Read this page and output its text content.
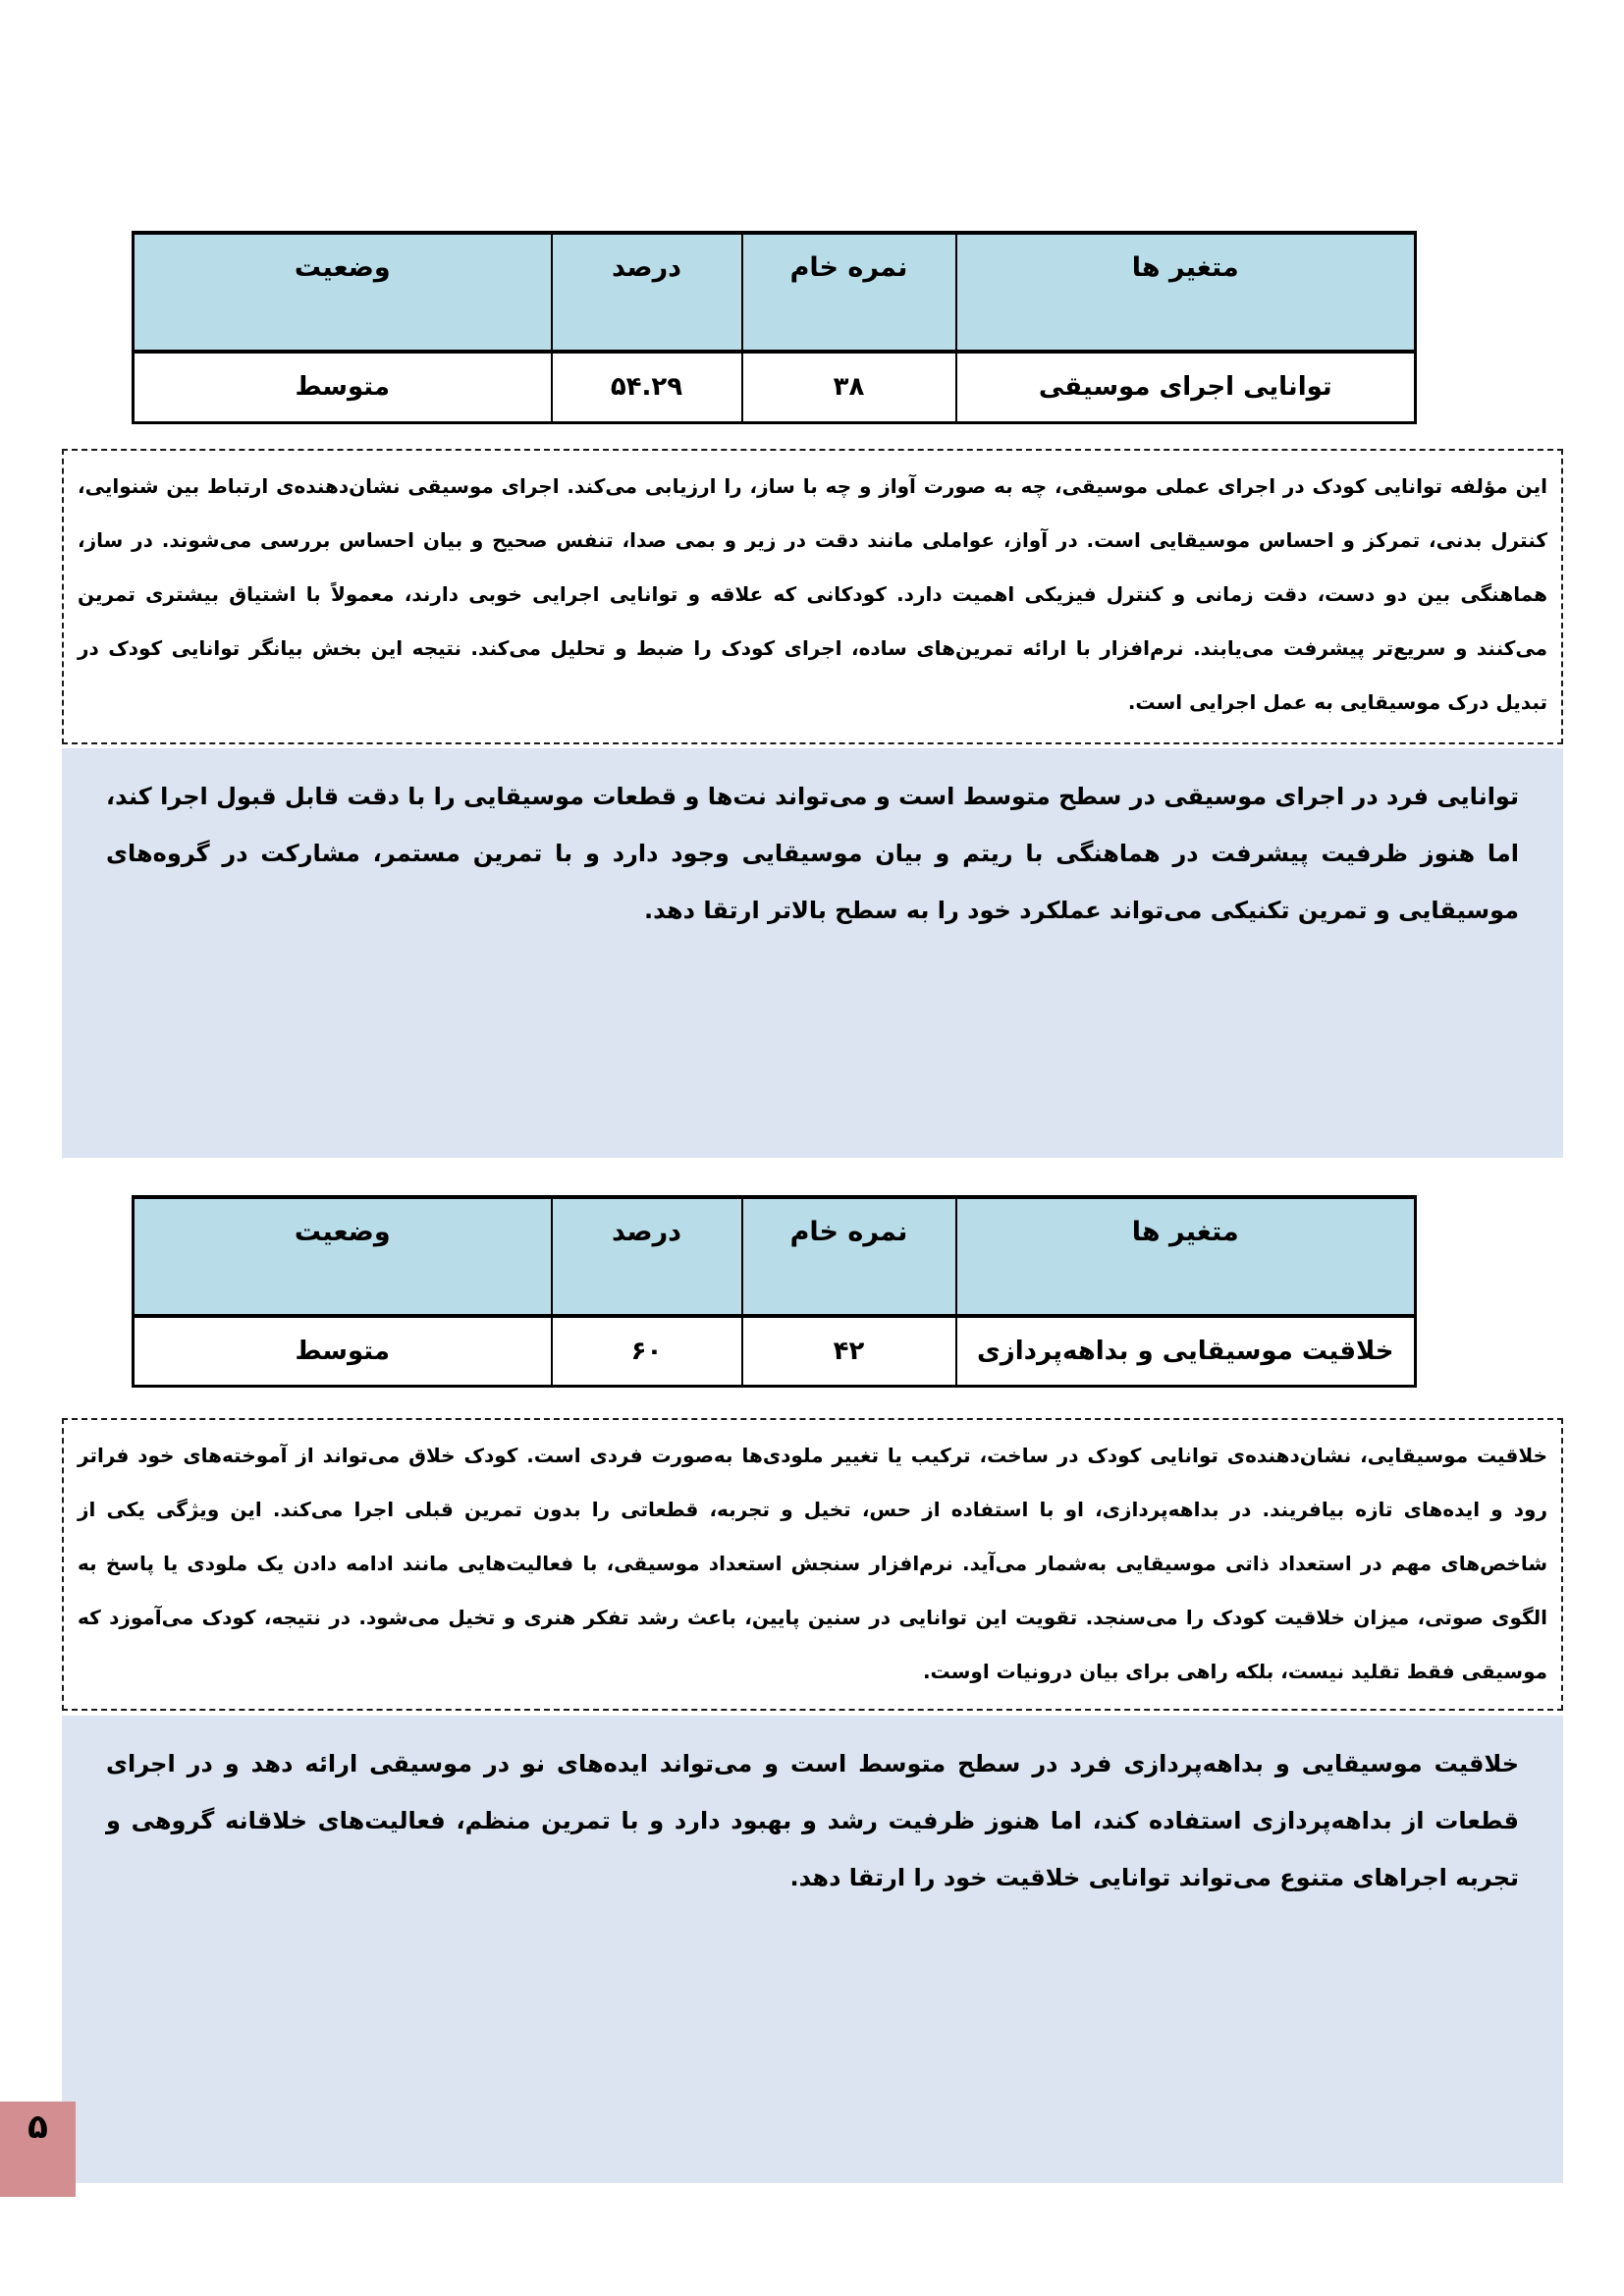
متغیر ها	نمره خام	درصد	وضعیت
توانایی اجرای موسیقی	۳۸	۵۴.۲۹	متوسط
این مؤلفه توانایی کودک در اجرای عملی موسیقی، چه به صورت آواز و چه با ساز، را ارزیابی می‌کند. اجرای موسیقی نشان‌دهنده‌ی ارتباط بین شنوایی، کنترل بدنی، تمرکز و احساس موسیقایی است. در آواز، عواملی مانند دقت در زیر و بمی صدا، تنفس صحیح و بیان احساس بررسی می‌شوند. در ساز، هماهنگی بین دو دست، دقت زمانی و کنترل فیزیکی اهمیت دارد. کودکانی که علاقه و توانایی اجرایی خوبی دارند، معمولاً با اشتیاق بیشتری تمرین می‌کنند و سریع‌تر پیشرفت می‌یابند. نرم‌افزار با ارائه تمرین‌های ساده، اجرای کودک را ضبط و تحلیل می‌کند. نتیجه این بخش بیانگر توانایی کودک در تبدیل درک موسیقایی به عمل اجرایی است.
توانایی فرد در اجرای موسیقی در سطح متوسط است و می‌تواند نت‌ها و قطعات موسیقایی را با دقت قابل قبول اجرا کند، اما هنوز ظرفیت پیشرفت در هماهنگی با ریتم و بیان موسیقایی وجود دارد و با تمرین مستمر، مشارکت در گروه‌های موسیقایی و تمرین تکنیکی می‌تواند عملکرد خود را به سطح بالاتر ارتقا دهد.
متغیر ها	نمره خام	درصد	وضعیت
خلاقیت موسیقایی و بداهه‌پردازی	۴۲	۶۰	متوسط
خلاقیت موسیقایی، نشان‌دهنده‌ی توانایی کودک در ساخت، ترکیب یا تغییر ملودی‌ها به‌صورت فردی است. کودک خلاق می‌تواند از آموخته‌های خود فراتر رود و ایده‌های تازه بیافریند. در بداهه‌پردازی، او با استفاده از حس، تخیل و تجربه، قطعاتی را بدون تمرین قبلی اجرا می‌کند. این ویژگی یکی از شاخص‌های مهم در استعداد ذاتی موسیقایی به‌شمار می‌آید. نرم‌افزار سنجش استعداد موسیقی، با فعالیت‌هایی مانند ادامه دادن یک ملودی یا پاسخ به الگوی صوتی، میزان خلاقیت کودک را می‌سنجد. تقویت این توانایی در سنین پایین، باعث رشد تفکر هنری و تخیل می‌شود. در نتیجه، کودک می‌آموزد که موسیقی فقط تقلید نیست، بلکه راهی برای بیان درونیات اوست.
خلاقیت موسیقایی و بداهه‌پردازی فرد در سطح متوسط است و می‌تواند ایده‌های نو در موسیقی ارائه دهد و در اجرای قطعات از بداهه‌پردازی استفاده کند، اما هنوز ظرفیت رشد و بهبود دارد و با تمرین منظم، فعالیت‌های خلاقانه گروهی و تجربه اجراهای متنوع می‌تواند توانایی خلاقیت خود را ارتقا دهد.
۵
